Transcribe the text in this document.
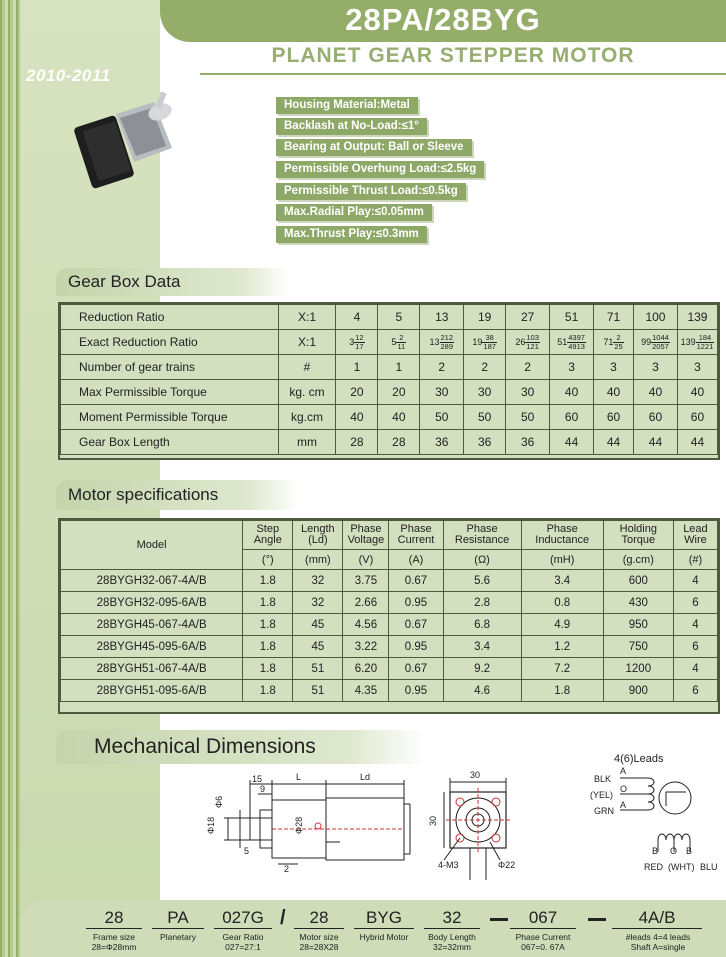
2010-2011
28PA/28BYG
PLANET GEAR STEPPER MOTOR
Housing Material:Metal
Backlash at No-Load:≤1°
Bearing at Output: Ball or Sleeve
Permissible Overhung Load:≤2.5kg
Permissible Thrust Load:≤0.5kg
Max.Radial Play:≤0.05mm
Max.Thrust Play:≤0.3mm
Gear Box Data
Reduction Ratio	X:1	4	5	13	19	27	51	71	100	139
Exact Reduction Ratio	X:1	$3 \frac{12}{17}$	$5 \frac{2}{11}$	$13 \frac{212}{289}$	$19 \frac{38}{187}$	$26 \frac{103}{121}$	$51 \frac{4397}{4913}$	$71 \frac{2}{25}$	$99 \frac{1044}{2057}$	$139 \frac{184}{1221}$

Number of gear trains	#	1	1	2	2	2	3	3	3	3
Max Permissible Torque	kg. cm	20	20	30	30	30	40	40	40	40
Moment Permissible Torque	kg.cm	40	40	50	50	50	60	60	60	60
Gear Box Length	mm	28	28	36	36	36	44	44	44	44
Motor specifications
Model	Step Angle	Length (Ld)	Phase Voltage	Phase Current	Phase Resistance	Phase Inductance	Holding Torque	Lead Wire
	(°)	(mm)	(V)	(A)	(Ω)	(mH)	(g.cm)	(#)
28BYGH32-067-4A/B	1.8	32	3.75	0.67	5.6	3.4	600	4
28BYGH32-095-6A/B	1.8	32	2.66	0.95	2.8	0.8	430	6
28BYGH45-067-4A/B	1.8	45	4.56	0.67	6.8	4.9	950	4
28BYGH45-095-6A/B	1.8	45	3.22	0.95	3.4	1.2	750	6
28BYGH51-067-4A/B	1.8	51	6.20	0.67	9.2	7.2	1200	4
28BYGH51-095-6A/B	1.8	51	4.35	0.95	4.6	1.8	900	6
Mechanical Dimensions
15
9
L	Ld
Φ6
Φ18	Φ28
5
2
30
30
4-M3	Φ22
4(6)Leads
BLK
(YEL)
GRN
A
O
A
B O B
RED (WHT) BLU
28	PA	027G /	28	BYG	32	067	4A/B
Frame size
28=Φ28mm
Planetary	Gear Ratio
027=27:1
Motor size
28=28X28
Hybrid Motor	Body Length
32=32mm
Phase Current
067=0. 67A
#leads 4=4 leads
Shaft A=single
